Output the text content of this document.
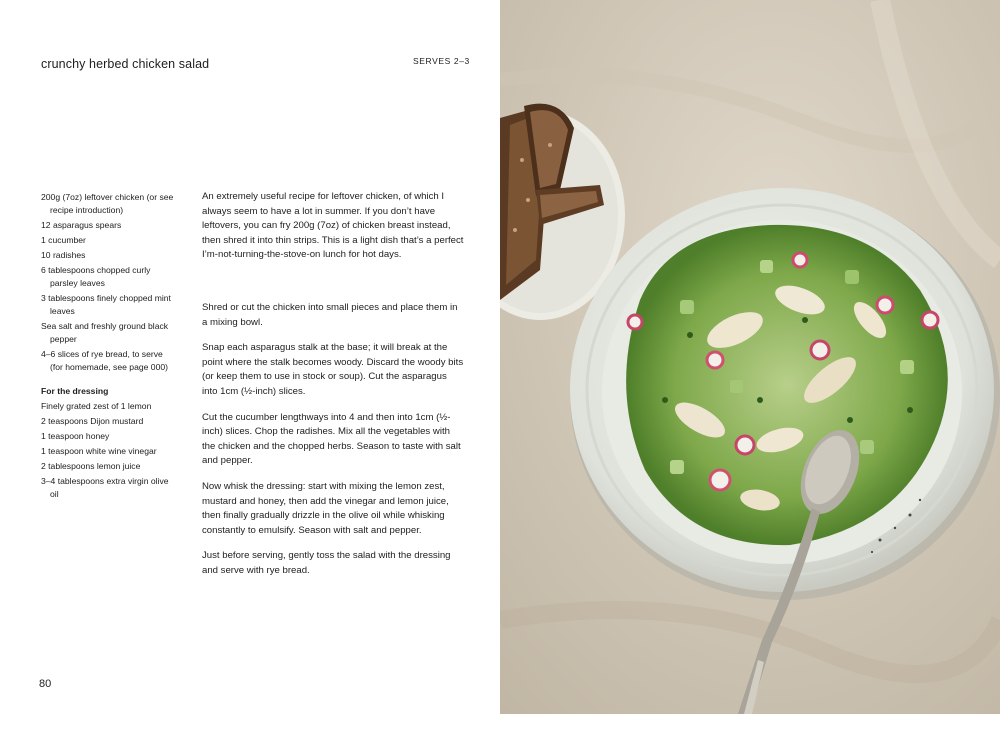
crunchy herbed chicken salad	SERVES 2–3
200g (7oz) leftover chicken (or see recipe introduction)
12 asparagus spears
1 cucumber
10 radishes
6 tablespoons chopped curly parsley leaves
3 tablespoons finely chopped mint leaves
Sea salt and freshly ground black pepper
4–6 slices of rye bread, to serve (for homemade, see page 000)
For the dressing
Finely grated zest of 1 lemon
2 teaspoons Dijon mustard
1 teaspoon honey
1 teaspoon white wine vinegar
2 tablespoons lemon juice
3–4 tablespoons extra virgin olive oil

An extremely useful recipe for leftover chicken, of which I always seem to have a lot in summer. If you don’t have leftovers, you can fry 200g (7oz) of chicken breast instead, then shred it into thin strips. This is a light dish that’s a perfect I’m-not-turning-the-stove-on lunch for hot days.

Shred or cut the chicken into small pieces and place them in a mixing bowl.

Snap each asparagus stalk at the base; it will break at the point where the stalk becomes woody. Discard the woody bits (or keep them to use in stock or soup). Cut the asparagus into 1cm (½-inch) slices.

Cut the cucumber lengthways into 4 and then into 1cm (½-inch) slices. Chop the radishes. Mix all the vegetables with the chicken and the chopped herbs. Season to taste with salt and pepper.

Now whisk the dressing: start with mixing the lemon zest, mustard and honey, then add the vinegar and lemon juice, then finally gradually drizzle in the olive oil while whisking constantly to emulsify. Season with salt and pepper.

Just before serving, gently toss the salad with the dressing and serve with rye bread.

80
